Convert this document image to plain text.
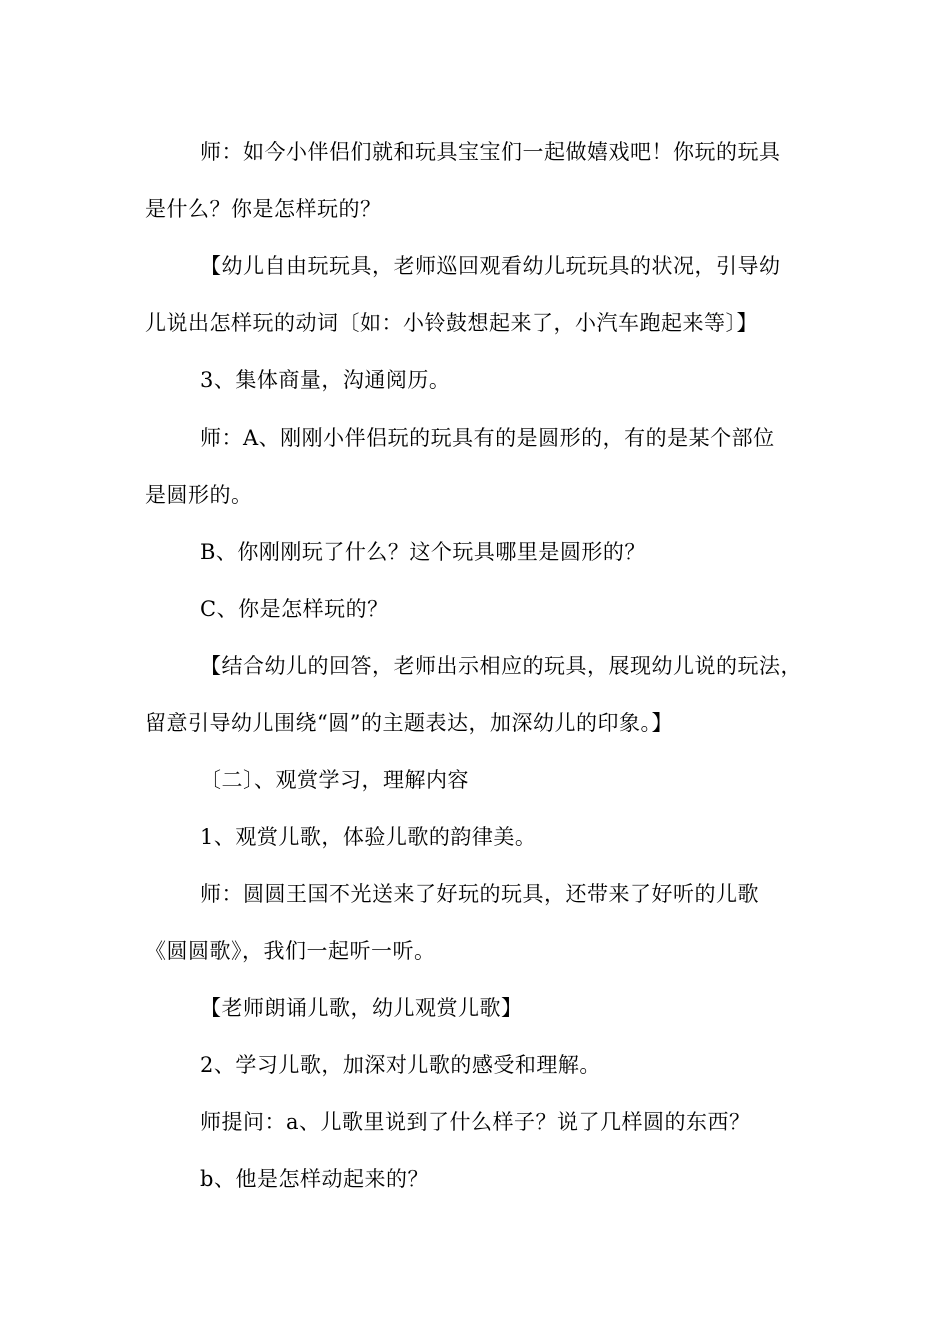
师：如今小伴侣们就和玩具宝宝们一起做嬉戏吧！你玩的玩具
是什么？你是怎样玩的？
【幼儿自由玩玩具，老师巡回观看幼儿玩玩具的状况，引导幼
儿说出怎样玩的动词〔如：小铃鼓想起来了，小汽车跑起来等〕】
3、集体商量，沟通阅历。
师：A、刚刚小伴侣玩的玩具有的是圆形的，有的是某个部位
是圆形的。
B、你刚刚玩了什么？这个玩具哪里是圆形的？
C、你是怎样玩的？
【结合幼儿的回答，老师出示相应的玩具，展现幼儿说的玩法，
留意引导幼儿围绕“圆”的主题表达，加深幼儿的印象。】
〔二〕、观赏学习，理解内容
1、观赏儿歌，体验儿歌的韵律美。
师：圆圆王国不光送来了好玩的玩具，还带来了好听的儿歌
《圆圆歌》，我们一起听一听。
【老师朗诵儿歌，幼儿观赏儿歌】
2、学习儿歌，加深对儿歌的感受和理解。
师提问：a、儿歌里说到了什么样子？说了几样圆的东西？
b、他是怎样动起来的？
